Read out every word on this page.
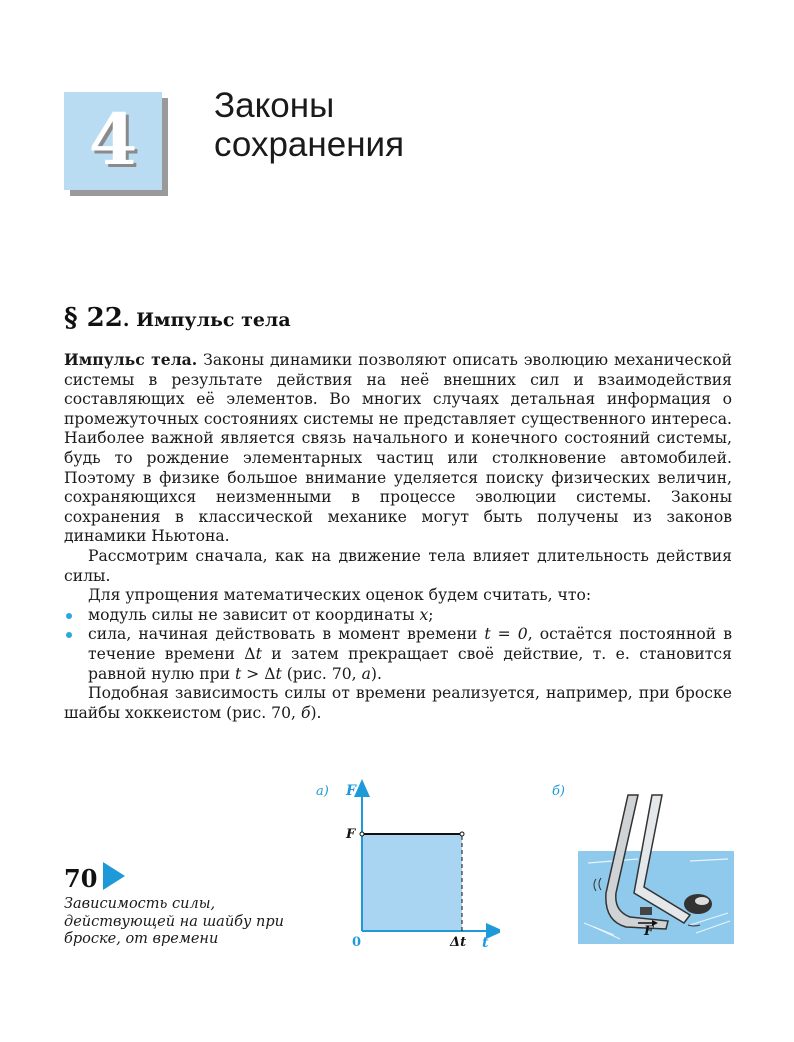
4	Законы
сохранения
§ 22. Импульс тела

Импульс тела. Законы динамики позволяют описать эволюцию механической системы в результате действия на неё внешних сил и взаимодействия составляющих её элементов. Во многих случаях детальная информация о промежуточных состояниях системы не представляет существенного интереса. Наиболее важной является связь начального и конечного состояний системы, будь то рождение элементарных частиц или столкновение автомобилей. Поэтому в физике большое внимание уделяется поиску физических величин, сохраняющихся неизменными в процессе эволюции системы. Законы сохранения в классической механике могут быть получены из законов динамики Ньютона.

Рассмотрим сначала, как на движение тела влияет длительность действия силы.

Для упрощения математических оценок будем считать, что:

модуль силы не зависит от координаты x;
сила, начиная действовать в момент времени t = 0, остаётся постоянной в течение времени Δt и затем прекращает своё действие, т. е. становится равной нулю при t > Δt (рис. 70, а).

Подобная зависимость силы от времени реализуется, например, при броске шайбы хоккеистом (рис. 70, б).

70
Зависимость силы, действующей на шайбу при броске, от времени
а) F
F
0	Δt t
б)
F
